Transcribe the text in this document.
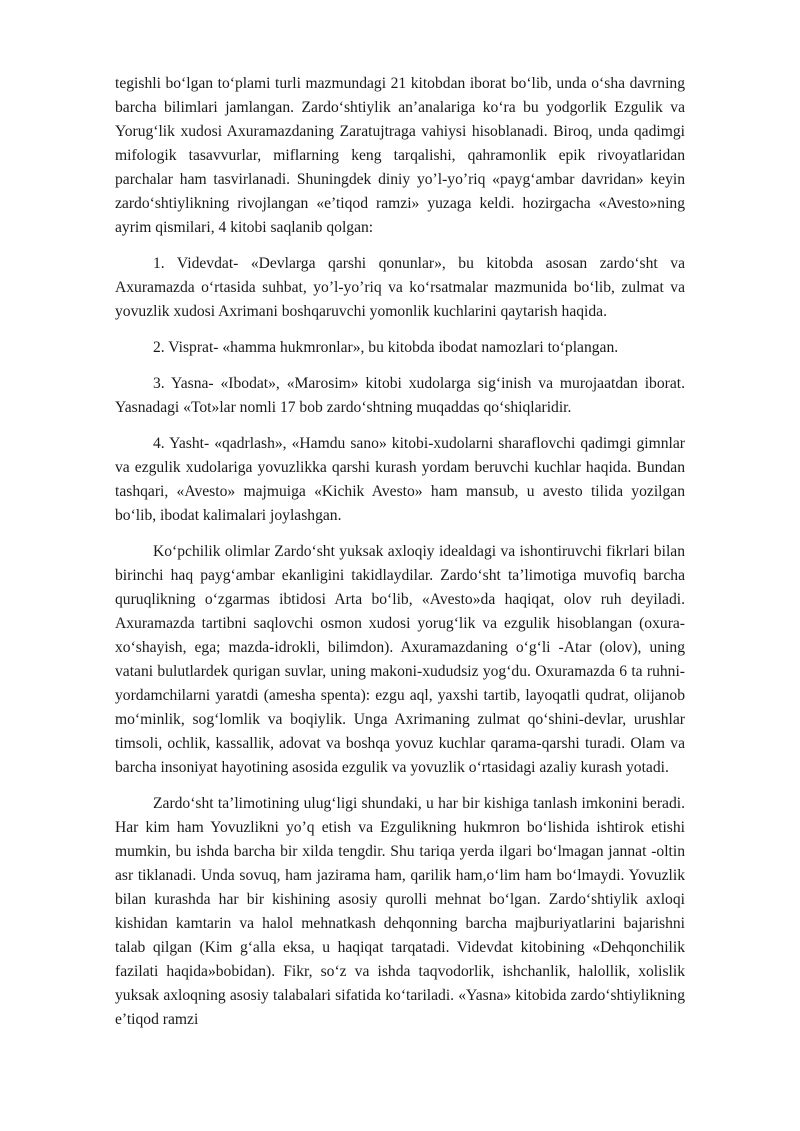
tegishli bo‘lgan to‘plami turli mazmundagi 21 kitobdan iborat bo‘lib, unda o‘sha davrning barcha bilimlari jamlangan. Zardo‘shtiylik an’analariga ko‘ra bu yodgorlik Ezgulik va Yorug‘lik xudosi Axuramazdaning Zaratujtraga vahiysi hisoblanadi. Biroq, unda qadimgi mifologik tasavvurlar, miflarning keng tarqalishi, qahramonlik epik rivoyatlaridan parchalar ham tasvirlanadi. Shuningdek diniy yo’l-yo’riq «payg‘ambar davridan» keyin zardo‘shtiylikning rivojlangan «e’tiqod ramzi» yuzaga keldi. hozirgacha «Avesto»ning ayrim qismilari, 4 kitobi saqlanib qolgan:

1. Videvdat- «Devlarga qarshi qonunlar», bu kitobda asosan zardo‘sht va Axuramazda o‘rtasida suhbat, yo’l-yo’riq va ko‘rsatmalar mazmunida bo‘lib, zulmat va yovuzlik xudosi Axrimani boshqaruvchi yomonlik kuchlarini qaytarish haqida.

2. Visprat- «hamma hukmronlar», bu kitobda ibodat namozlari to‘plangan.

3. Yasna- «Ibodat», «Marosim» kitobi xudolarga sig‘inish va murojaatdan iborat. Yasnadagi «Tot»lar nomli 17 bob zardo‘shtning muqaddas qo‘shiqlaridir.

4. Yasht- «qadrlash», «Hamdu sano» kitobi-xudolarni sharaflovchi qadimgi gimnlar va ezgulik xudolariga yovuzlikka qarshi kurash yordam beruvchi kuchlar haqida. Bundan tashqari, «Avesto» majmuiga «Kichik Avesto» ham mansub, u avesto tilida yozilgan bo‘lib, ibodat kalimalari joylashgan.

Ko‘pchilik olimlar Zardo‘sht yuksak axloqiy idealdagi va ishontiruvchi fikrlari bilan birinchi haq payg‘ambar ekanligini takidlaydilar. Zardo‘sht ta’limotiga muvofiq barcha quruqlikning o‘zgarmas ibtidosi Arta bo‘lib, «Avesto»da haqiqat, olov ruh deyiladi. Axuramazda tartibni saqlovchi osmon xudosi yorug‘lik va ezgulik hisoblangan (oxura-xo‘shayish, ega; mazda-idrokli, bilimdon). Axuramazdaning o‘g‘li -Atar (olov), uning vatani bulutlardek qurigan suvlar, uning makoni-xududsiz yog‘du. Oxuramazda 6 ta ruhni- yordamchilarni yaratdi (amesha spenta): ezgu aql, yaxshi tartib, layoqatli qudrat, olijanob mo‘minlik, sog‘lomlik va boqiylik. Unga Axrimaning zulmat qo‘shini-devlar, urushlar timsoli, ochlik, kassallik, adovat va boshqa yovuz kuchlar qarama-qarshi turadi. Olam va barcha insoniyat hayotining asosida ezgulik va yovuzlik o‘rtasidagi azaliy kurash yotadi.

Zardo‘sht ta’limotining ulug‘ligi shundaki, u har bir kishiga tanlash imkonini beradi. Har kim ham Yovuzlikni yo’q etish va Ezgulikning hukmron bo‘lishida ishtirok etishi mumkin, bu ishda barcha bir xilda tengdir. Shu tariqa yerda ilgari bo‘lmagan jannat -oltin asr tiklanadi. Unda sovuq, ham jazirama ham, qarilik ham,o‘lim ham bo‘lmaydi. Yovuzlik bilan kurashda har bir kishining asosiy qurolli mehnat bo‘lgan. Zardo‘shtiylik axloqi kishidan kamtarin va halol mehnatkash dehqonning barcha majburiyatlarini bajarishni talab qilgan (Kim g‘alla eksa, u haqiqat tarqatadi. Videvdat kitobining «Dehqonchilik fazilati haqida»bobidan). Fikr, so‘z va ishda taqvodorlik, ishchanlik, halollik, xolislik yuksak axloqning asosiy talabalari sifatida ko‘tariladi. «Yasna» kitobida zardo‘shtiylikning e’tiqod ramzi
